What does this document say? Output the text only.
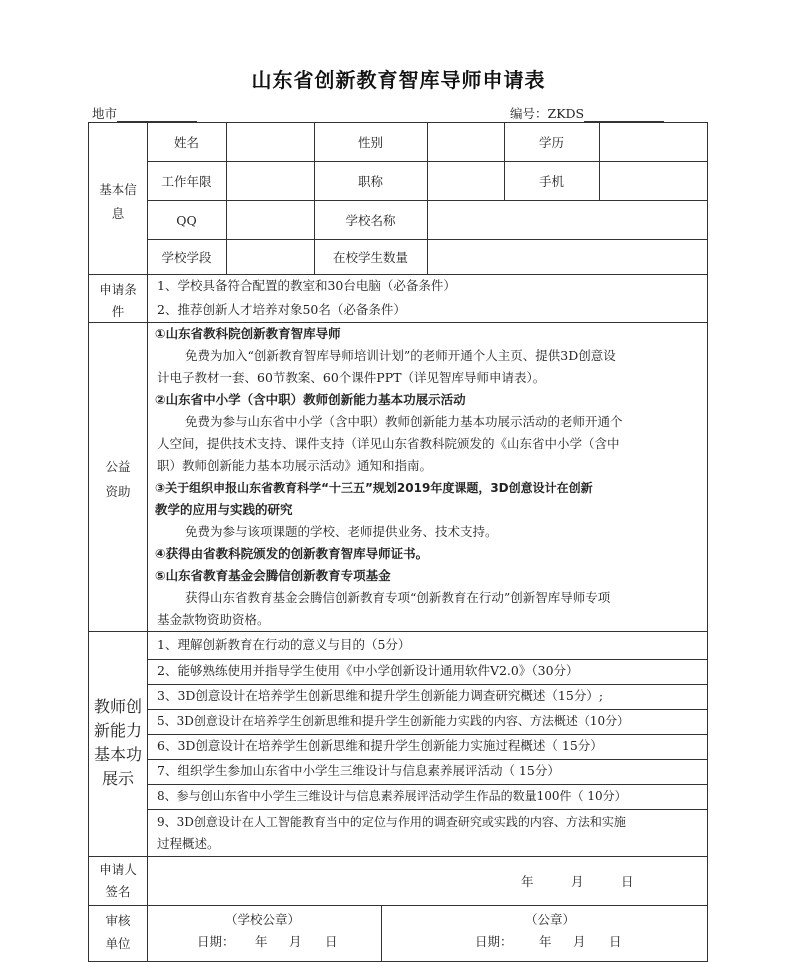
山东省创新教育智库导师申请表
地市	编号：ZKDS
基本信
息
姓名	性别	学历
工作年限	职称	手机
QQ	学校名称
学校学段	在校学生数量
申请条
件
1、学校具备符合配置的教室和30台电脑（必备条件）
2、推荐创新人才培养对象50名（必备条件）
公益
资助
①山东省教科院创新教育智库导师
免费为加入“创新教育智库导师培训计划”的老师开通个人主页、提供3D创意设
计电子教材一套、60节教案、60个课件PPT（详见智库导师申请表）。
②山东省中小学（含中职）教师创新能力基本功展示活动
免费为参与山东省中小学（含中职）教师创新能力基本功展示活动的老师开通个
人空间，提供技术支持、课件支持（详见山东省教科院颁发的《山东省中小学（含中
职）教师创新能力基本功展示活动》通知和指南。
③关于组织申报山东省教育科学“十三五”规划2019年度课题，3D创意设计在创新
教学的应用与实践的研究
免费为参与该项课题的学校、老师提供业务、技术支持。
④获得由省教科院颁发的创新教育智库导师证书。
⑤山东省教育基金会腾信创新教育专项基金
获得山东省教育基金会腾信创新教育专项“创新教育在行动”创新智库导师专项
基金款物资助资格。
教师创
新能力
基本功
展示
1、理解创新教育在行动的意义与目的（5分）
2、能够熟练使用并指导学生使用《中小学创新设计通用软件V2.0》（30分）
3、3D创意设计在培养学生创新思维和提升学生创新能力调查研究概述（15分）;
5、3D创意设计在培养学生创新思维和提升学生创新能力实践的内容、方法概述（10分）
6、3D创意设计在培养学生创新思维和提升学生创新能力实施过程概述（ 15分）
7、组织学生参加山东省中小学生三维设计与信息素养展评活动（ 15分）
8、参与创山东省中小学生三维设计与信息素养展评活动学生作品的数量100件（ 10分）
9、3D创意设计在人工智能教育当中的定位与作用的调查研究或实践的内容、方法和实施
过程概述。
申请人
签名
年	月	日
审核
单位
（学校公章）
日期： 年 月 日
（公章）
日期： 年 月 日
